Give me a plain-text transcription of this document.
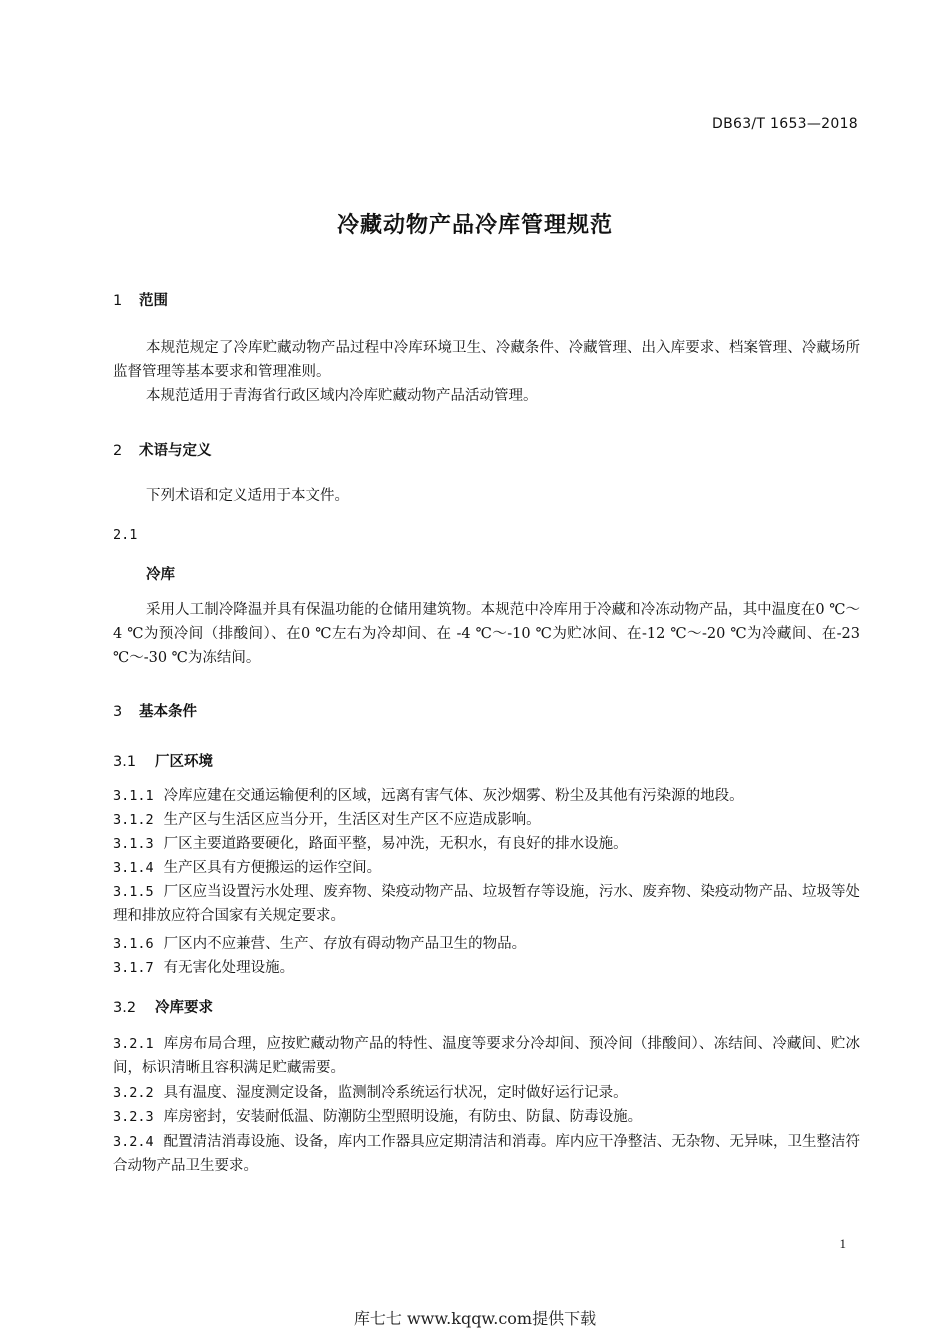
DB63/T 1653—2018
冷藏动物产品冷库管理规范
1 范围
本规范规定了冷库贮藏动物产品过程中冷库环境卫生、冷藏条件、冷藏管理、出入库要求、档案管理、冷藏场所监督管理等基本要求和管理准则。
本规范适用于青海省行政区域内冷库贮藏动物产品活动管理。
2 术语与定义
下列术语和定义适用于本文件。
2.1
冷库
采用人工制冷降温并具有保温功能的仓储用建筑物。本规范中冷库用于冷藏和冷冻动物产品，其中温度在0 ℃～4 ℃为预冷间（排酸间）、在0 ℃左右为冷却间、在 -4 ℃～-10 ℃为贮冰间、在-12 ℃～-20 ℃为冷藏间、在-23 ℃～-30 ℃为冻结间。
3 基本条件
3.1 厂区环境
3.1.1 冷库应建在交通运输便利的区域，远离有害气体、灰沙烟雾、粉尘及其他有污染源的地段。
3.1.2 生产区与生活区应当分开，生活区对生产区不应造成影响。
3.1.3 厂区主要道路要硬化，路面平整，易冲洗，无积水，有良好的排水设施。
3.1.4 生产区具有方便搬运的运作空间。
3.1.5 厂区应当设置污水处理、废弃物、染疫动物产品、垃圾暂存等设施，污水、废弃物、染疫动物产品、垃圾等处理和排放应符合国家有关规定要求。
3.1.6 厂区内不应兼营、生产、存放有碍动物产品卫生的物品。
3.1.7 有无害化处理设施。
3.2 冷库要求
3.2.1 库房布局合理，应按贮藏动物产品的特性、温度等要求分冷却间、预冷间（排酸间）、冻结间、冷藏间、贮冰间，标识清晰且容积满足贮藏需要。
3.2.2 具有温度、湿度测定设备，监测制冷系统运行状况，定时做好运行记录。
3.2.3 库房密封，安装耐低温、防潮防尘型照明设施，有防虫、防鼠、防毒设施。
3.2.4 配置清洁消毒设施、设备，库内工作器具应定期清洁和消毒。库内应干净整洁、无杂物、无异味，卫生整洁符合动物产品卫生要求。
1
库七七 www.kqqw.com提供下载
